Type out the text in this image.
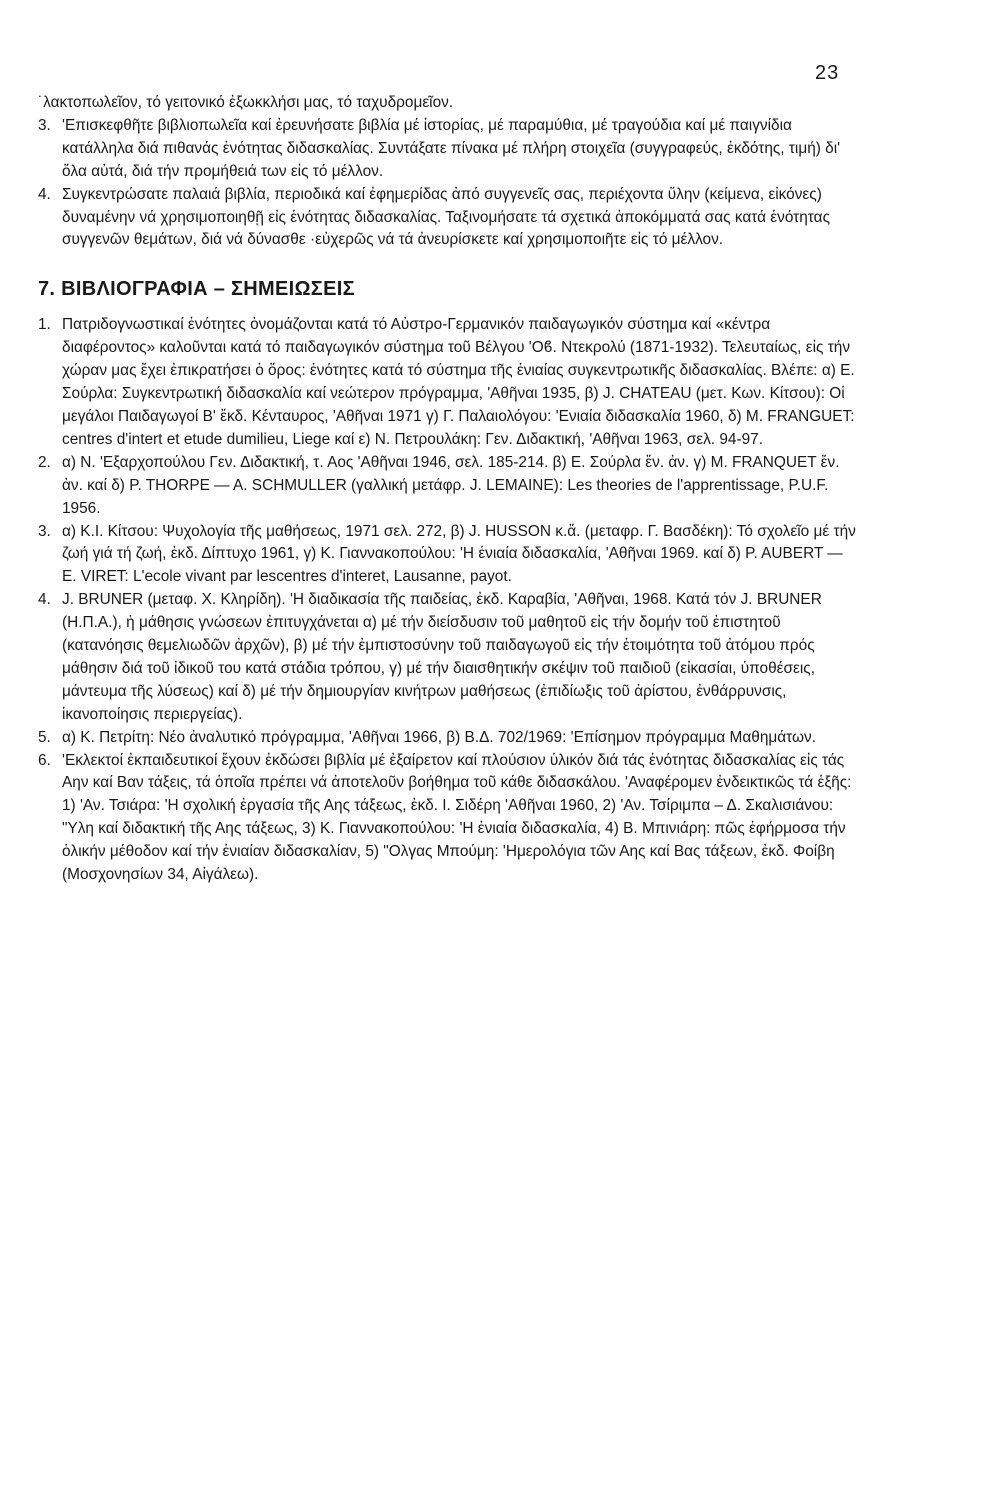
23

˙λακτοπωλεῖον, τό γειτονικό ἐξωκκλήσι μας, τό ταχυδρομεῖον.

3. 'Επισκεφθῆτε βιβλιοπωλεῖα καί ἐρευνήσατε βιβλία μέ ἱστορίας, μέ παραμύθια, μέ τραγούδια καί μέ παιγνίδια κατάλληλα διά πιθανάς ἑνότητας διδασκαλίας. Συντάξατε πίνακα μέ πλήρη στοιχεῖα (συγγραφεύς, ἐκδότης, τιμή) δι' ὅλα αὐτά, διά τήν προμήθειά των εἰς τό μέλλον.
4. Συγκεντρώσατε παλαιά βιβλία, περιοδικά καί ἐφημερίδας ἀπό συγγενεῖς σας, περιέχοντα ὕλην (κείμενα, εἰκόνες) δυναμένην νά χρησιμοποιηθῇ εἰς ἑνότητας διδασκαλίας. Ταξινομήσατε τά σχετικά ἀποκόμματά σας κατά ἑνότητας συγγενῶν θεμάτων, διά νά δύνασθε ·εὐχερῶς νά τά ἀνευρίσκετε καί χρησιμοποιῆτε εἰς τό μέλλον.
7. ΒΙΒΛΙΟΓΡΑΦΙΑ – ΣΗΜΕΙΩΣΕΙΣ
1. Πατριδογνωστικαί ἑνότητες ὀνομάζονται κατά τό Αὐστρο-Γερμανικόν παιδαγωγικόν σύστημα καί «κέντρα διαφέροντος» καλοῦνται κατά τό παιδαγωγικόν σύστημα τοῦ Βέλγου 'Οϐ. Ντεκρολύ (1871-1932). Τελευταίως, εἰς τήν χώραν μας ἔχει ἐπικρατήσει ὁ ὅρος: ἑνότητες κατά τό σύστημα τῆς ἑνιαίας συγκεντρωτικῆς διδασκαλίας. Βλέπε: α) Ε. Σούρλα: Συγκεντρωτική διδασκαλία καί νεώτερον πρόγραμμα, 'Αθῆναι 1935, β) J. CHATEAU (μετ. Κων. Κίτσου): Οἱ μεγάλοι Παιδαγωγοί Β' ἔκδ. Κένταυρος, 'Αθῆναι 1971 γ) Γ. Παλαιολόγου: 'Ενιαία διδασκαλία 1960, δ) M. FRANGUET: centres d'intert et etude dumilieu, Liege καί ε) Ν. Πετρουλάκη: Γεν. Διδακτική, 'Αθῆναι 1963, σελ. 94-97.
2. α) Ν. 'Εξαρχοπούλου Γεν. Διδακτική, τ. Αος 'Αθῆναι 1946, σελ. 185-214. β) Ε. Σούρλα ἔν. ἀν. γ) M. FRANQUET ἔν. ἀν. καί δ) P. THORPE — A. SCHMULLER (γαλλική μετάφρ. J. LEMAINE): Les theories de l'apprentissage, P.U.F. 1956.
3. α) Κ.Ι. Κίτσου: Ψυχολογία τῆς μαθήσεως, 1971 σελ. 272, β) J. HUSSON κ.ἄ. (μεταφρ. Γ. Βασδέκη): Τό σχολεῖο μέ τήν ζωή γιά τή ζωή, ἐκδ. Δίπτυχο 1961, γ) Κ. Γιαννακοπούλου: 'Η ἑνιαία διδασκαλία, 'Αθῆναι 1969. καί δ) P. AUBERT — E. VIRET: L'ecole vivant par lescentres d'interet, Lausanne, payot.
4. J. BRUNER (μεταφ. Χ. Κληρίδη). 'Η διαδικασία τῆς παιδείας, ἐκδ. Καραβία, 'Αθῆναι, 1968. Κατά τόν J. BRUNER (Η.Π.Α.), ἡ μάθησις γνώσεων ἐπιτυγχάνεται α) μέ τήν διείσδυσιν τοῦ μαθητοῦ εἰς τήν δομήν τοῦ ἐπιστητοῦ (κατανόησις θεμελιωδῶν ἀρχῶν), β) μέ τήν ἐμπιστοσύνην τοῦ παιδαγωγοῦ εἰς τήν ἑτοιμότητα τοῦ ἀτόμου πρός μάθησιν διά τοῦ ἰδικοῦ του κατά στάδια τρόπου, γ) μέ τήν διαισθητικήν σκέψιν τοῦ παιδιοῦ (εἰκασίαι, ὑποθέσεις, μάντευμα τῆς λύσεως) καί δ) μέ τήν δημιουργίαν κινήτρων μαθήσεως (ἐπιδίωξις τοῦ ἀρίστου, ἐνθάρρυνσις, ἱκανοποίησις περιεργείας).
5. α) Κ. Πετρίτη: Νέο ἀναλυτικό πρόγραμμα, 'Αθῆναι 1966, β) Β.Δ. 702/1969: 'Επίσημον πρόγραμμα Μαθημάτων.
6. 'Εκλεκτοί ἐκπαιδευτικοί ἔχουν ἐκδώσει βιβλία μέ ἐξαίρετον καί πλούσιον ὑλικόν διά τάς ἑνότητας διδασκαλίας εἰς τάς Αην καί Βαν τάξεις, τά ὁποῖα πρέπει νά ἀποτελοῦν βοήθημα τοῦ κάθε διδασκάλου. 'Αναφέρομεν ἐνδεικτικῶς τά ἑξῆς: 1) 'Αν. Τσιάρα: 'Η σχολική ἐργασία τῆς Αης τάξεως, ἐκδ. Ι. Σιδέρη 'Αθῆναι 1960, 2) 'Αν. Τσίριμπα – Δ. Σκαλισιάνου: "Υλη καί διδακτική τῆς Αης τάξεως, 3) Κ. Γιαννακοπούλου: 'Η ἑνιαία διδασκαλία, 4) Β. Μπινιάρη: πῶς ἐφήρμοσα τήν ὁλικήν μέθοδον καί τήν ἑνιαίαν διδασκαλίαν, 5) "Ολγας Μπούμη: 'Ημερολόγια τῶν Αης καί Βας τάξεων, ἐκδ. Φοίβη (Μοσχονησίων 34, Αἰγάλεω).
